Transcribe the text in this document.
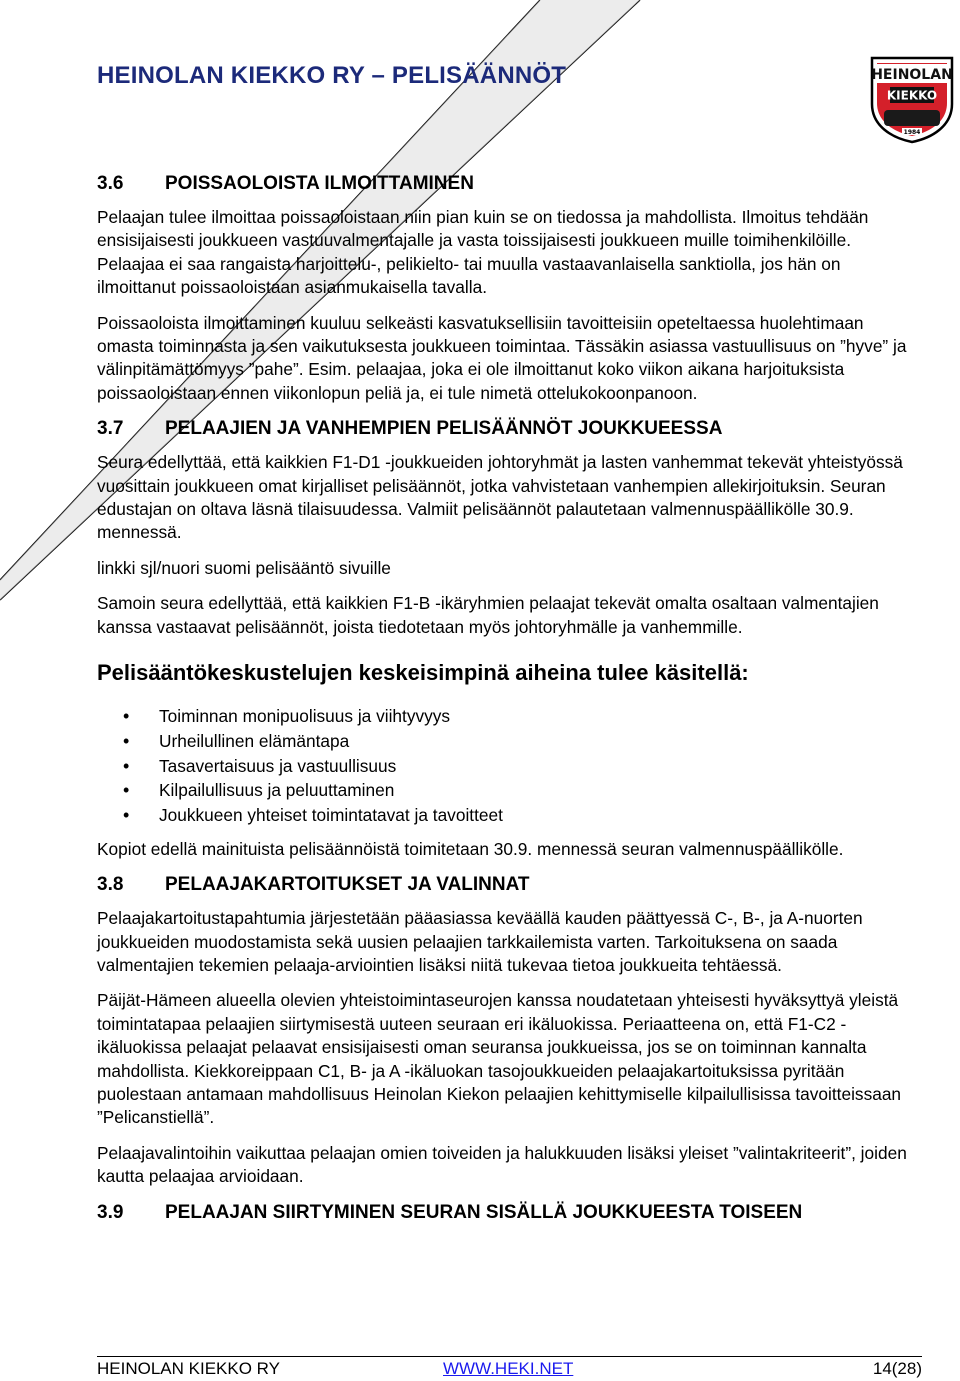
HEINOLAN KIEKKO RY – PELISÄÄNNÖT	HEINOLAN
KIEKKO
1984
3.6 POISSAOLOISTA ILMOITTAMINEN

Pelaajan tulee ilmoittaa poissaoloistaan niin pian kuin se on tiedossa ja mahdollista. Ilmoitus tehdään ensisijaisesti joukkueen vastuuvalmentajalle ja vasta toissijaisesti joukkueen muille toimihenkilöille. Pelaajaa ei saa rangaista harjoittelu-, pelikielto- tai muulla vastaavanlaisella sanktiolla, jos hän on ilmoittanut poissaoloistaan asianmukaisella tavalla.

Poissaoloista ilmoittaminen kuuluu selkeästi kasvatuksellisiin tavoitteisiin opeteltaessa huolehtimaan omasta toiminnasta ja sen vaikutuksesta joukkueen toimintaa. Tässäkin asiassa vastuullisuus on ”hyve” ja välinpitämättömyys ”pahe”. Esim. pelaajaa, joka ei ole ilmoittanut koko viikon aikana harjoituksista poissaoloistaan ennen viikonlopun peliä ja, ei tule nimetä ottelukokoonpanoon.

3.7 PELAAJIEN JA VANHEMPIEN PELISÄÄNNÖT JOUKKUEESSA

Seura edellyttää, että kaikkien F1-D1 -joukkueiden johtoryhmät ja lasten vanhemmat tekevät yhteistyössä vuosittain joukkueen omat kirjalliset pelisäännöt, jotka vahvistetaan vanhempien allekirjoituksin. Seuran edustajan on oltava läsnä tilaisuudessa. Valmiit pelisäännöt palautetaan valmennuspäällikölle 30.9. mennessä.

linkki sjl/nuori suomi pelisääntö sivuille

Samoin seura edellyttää, että kaikkien F1-B -ikäryhmien pelaajat tekevät omalta osaltaan valmentajien kanssa vastaavat pelisäännöt, joista tiedotetaan myös johtoryhmälle ja vanhemmille.

Pelisääntökeskustelujen keskeisimpinä aiheina tulee käsitellä:
• Toiminnan monipuolisuus ja viihtyvyys
• Urheilullinen elämäntapa
• Tasavertaisuus ja vastuullisuus
• Kilpailullisuus ja peluuttaminen
• Joukkueen yhteiset toimintatavat ja tavoitteet

Kopiot edellä mainituista pelisäännöistä toimitetaan 30.9. mennessä seuran valmennuspäällikölle.

3.8 PELAAJAKARTOITUKSET JA VALINNAT

Pelaajakartoitustapahtumia järjestetään pääasiassa keväällä kauden päättyessä C-, B-, ja A-nuorten joukkueiden muodostamista sekä uusien pelaajien tarkkailemista varten. Tarkoituksena on saada valmentajien tekemien pelaaja-arviointien lisäksi niitä tukevaa tietoa joukkueita tehtäessä.

Päijät-Hämeen alueella olevien yhteistoimintaseurojen kanssa noudatetaan yhteisesti hyväksyttyä yleistä toimintatapaa pelaajien siirtymisestä uuteen seuraan eri ikäluokissa. Periaatteena on, että F1-C2 -ikäluokissa pelaajat pelaavat ensisijaisesti oman seuransa joukkueissa, jos se on toiminnan kannalta mahdollista. Kiekkoreippaan C1, B- ja A -ikäluokan tasojoukkueiden pelaajakartoituksissa pyritään puolestaan antamaan mahdollisuus Heinolan Kiekon pelaajien kehittymiselle kilpailullisissa tavoitteissaan ”Pelicanstiellä”.

Pelaajavalintoihin vaikuttaa pelaajan omien toiveiden ja halukkuuden lisäksi yleiset ”valintakriteerit”, joiden kautta pelaajaa arvioidaan.

3.9 PELAAJAN SIIRTYMINEN SEURAN SISÄLLÄ JOUKKUEESTA TOISEEN
HEINOLAN KIEKKO RY	WWW.HEKI.NET	14(28)
